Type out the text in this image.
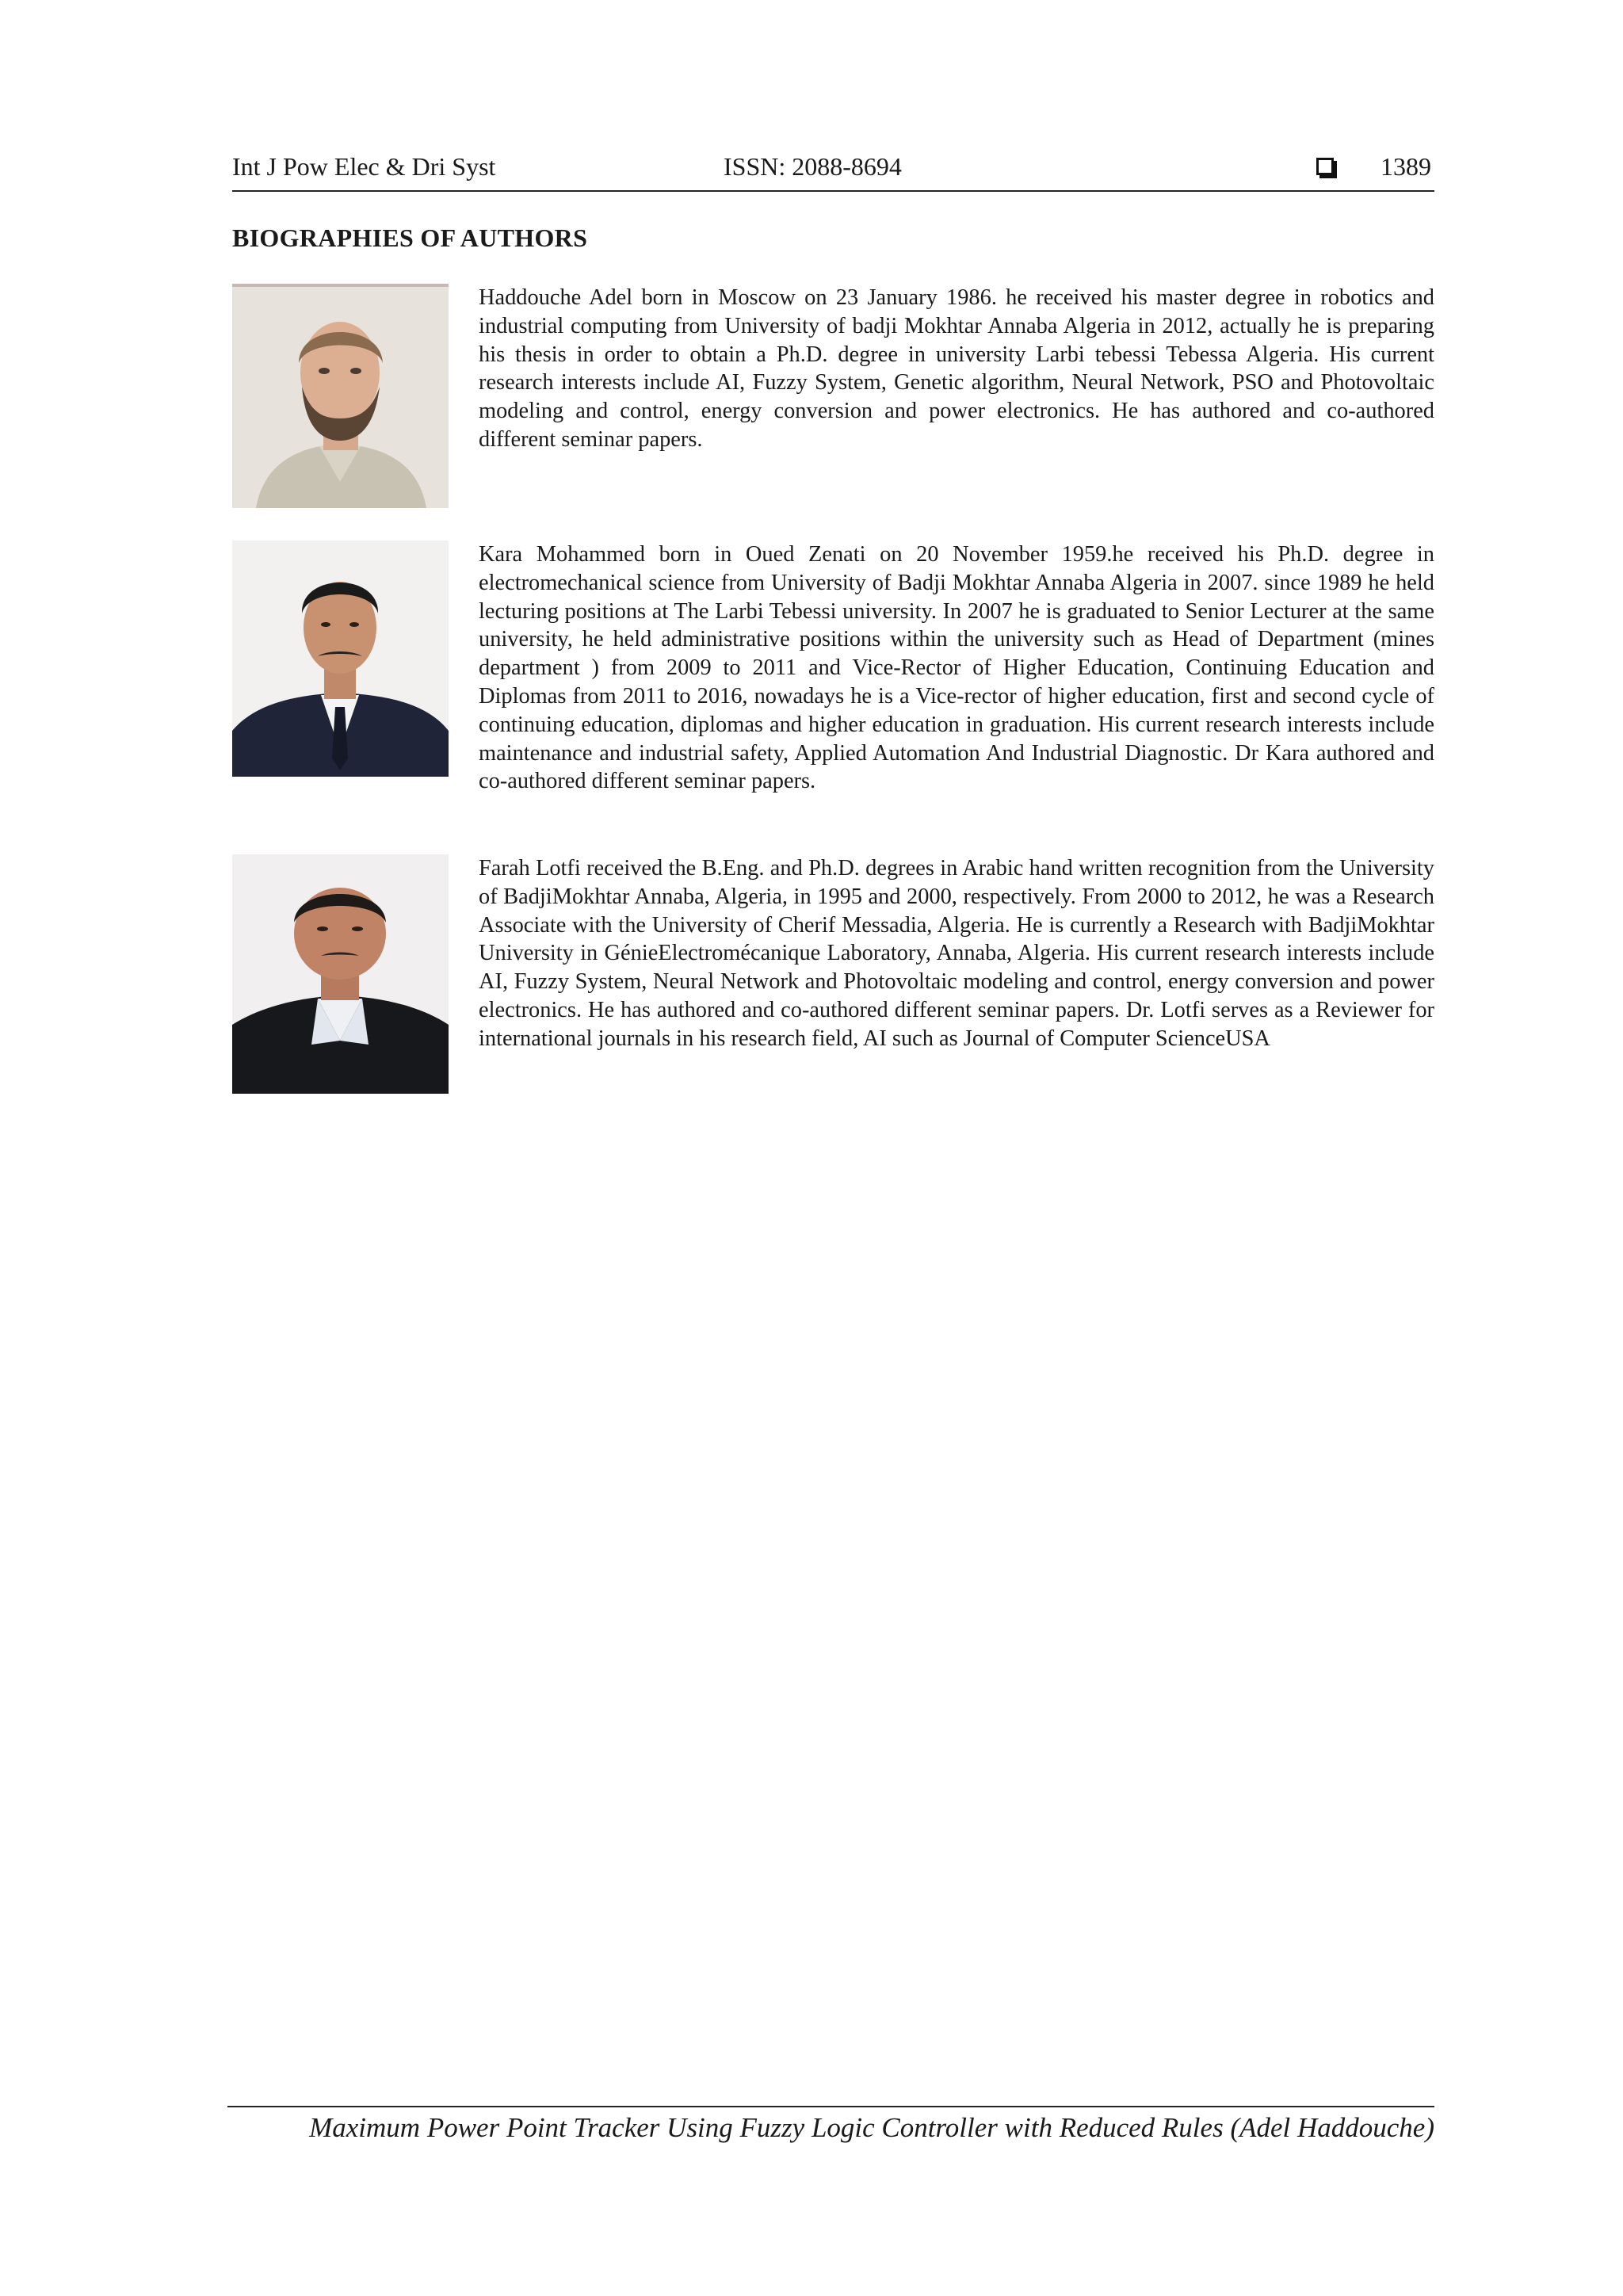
Int J Pow Elec & Dri Syst	ISSN: 2088-8694	1389
BIOGRAPHIES OF AUTHORS

Haddouche Adel born in Moscow on 23 January 1986. he received his master degree in robotics and industrial computing from University of badji Mokhtar Annaba Algeria in 2012, actually he is preparing his thesis in order to obtain a Ph.D. degree in university Larbi tebessi Tebessa Algeria. His current research interests include AI, Fuzzy System, Genetic algorithm, Neural Network, PSO and Photovoltaic modeling and control, energy conversion and power electronics. He has authored and co-authored different seminar papers.

Kara Mohammed born in Oued Zenati on 20 November 1959.he received his Ph.D. degree in electromechanical science from University of Badji Mokhtar Annaba Algeria in 2007. since 1989 he held lecturing positions at The Larbi Tebessi university. In 2007 he is graduated to Senior Lecturer at the same university, he held administrative positions within the university such as Head of Department (mines department ) from 2009 to 2011 and Vice-Rector of Higher Education, Continuing Education and Diplomas from 2011 to 2016, nowadays he is a Vice-rector of higher education, first and second cycle of continuing education, diplomas and higher education in graduation. His current research interests include maintenance and industrial safety, Applied Automation And Industrial Diagnostic. Dr Kara authored and co-authored different seminar papers.

Farah Lotfi received the B.Eng. and Ph.D. degrees in Arabic hand written recognition from the University of BadjiMokhtar Annaba, Algeria, in 1995 and 2000, respectively. From 2000 to 2012, he was a Research Associate with the University of Cherif Messadia, Algeria. He is currently a Research with BadjiMokhtar University in GénieElectromécanique Laboratory, Annaba, Algeria. His current research interests include AI, Fuzzy System, Neural Network and Photovoltaic modeling and control, energy conversion and power electronics. He has authored and co-authored different seminar papers. Dr. Lotfi serves as a Reviewer for international journals in his research field, AI such as Journal of Computer ScienceUSA

Maximum Power Point Tracker Using Fuzzy Logic Controller with Reduced Rules (Adel Haddouche)
